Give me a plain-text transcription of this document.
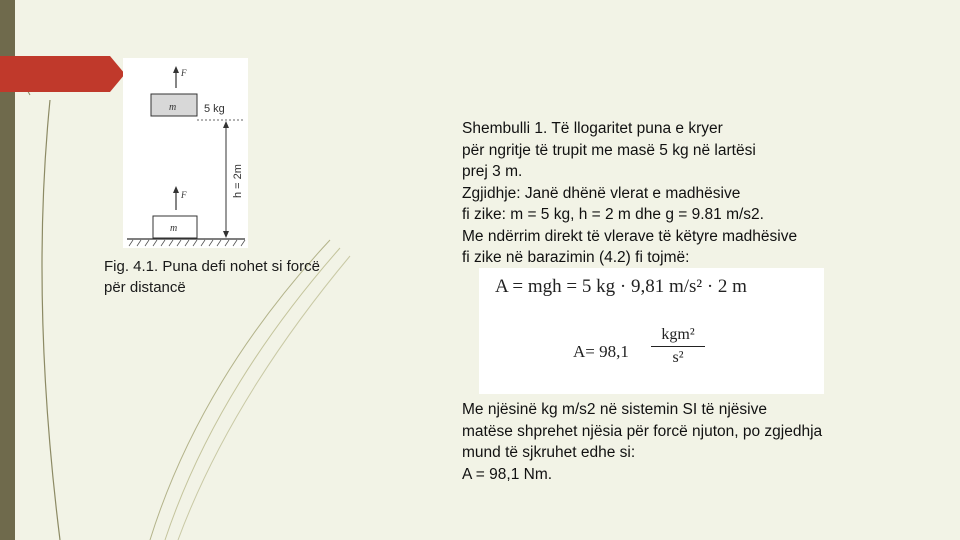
F
m	5 kg
h = 2m
F
m

Fig. 4.1. Puna defi nohet si forcë për distancë

Shembulli 1. Të llogaritet puna e kryer
për ngritje të trupit me masë 5 kg në lartësi
prej 3 m.
Zgjidhje: Janë dhënë vlerat e madhësive
fi zike: m = 5 kg, h = 2 m dhe g = 9.81 m/s2.
Me ndërrim direkt të vlerave të këtyre madhësive
fi zike në barazimin (4.2) fi tojmë:

A = mgh = 5 kg · 9,81 m/s² · 2 m
A= 98,1
kgm²
s²

Me njësinë kg m/s2 në sistemin SI të njësive
matëse shprehet njësia për forcë njuton, po zgjedhja
mund të sjkruhet edhe si:
A = 98,1 Nm.
